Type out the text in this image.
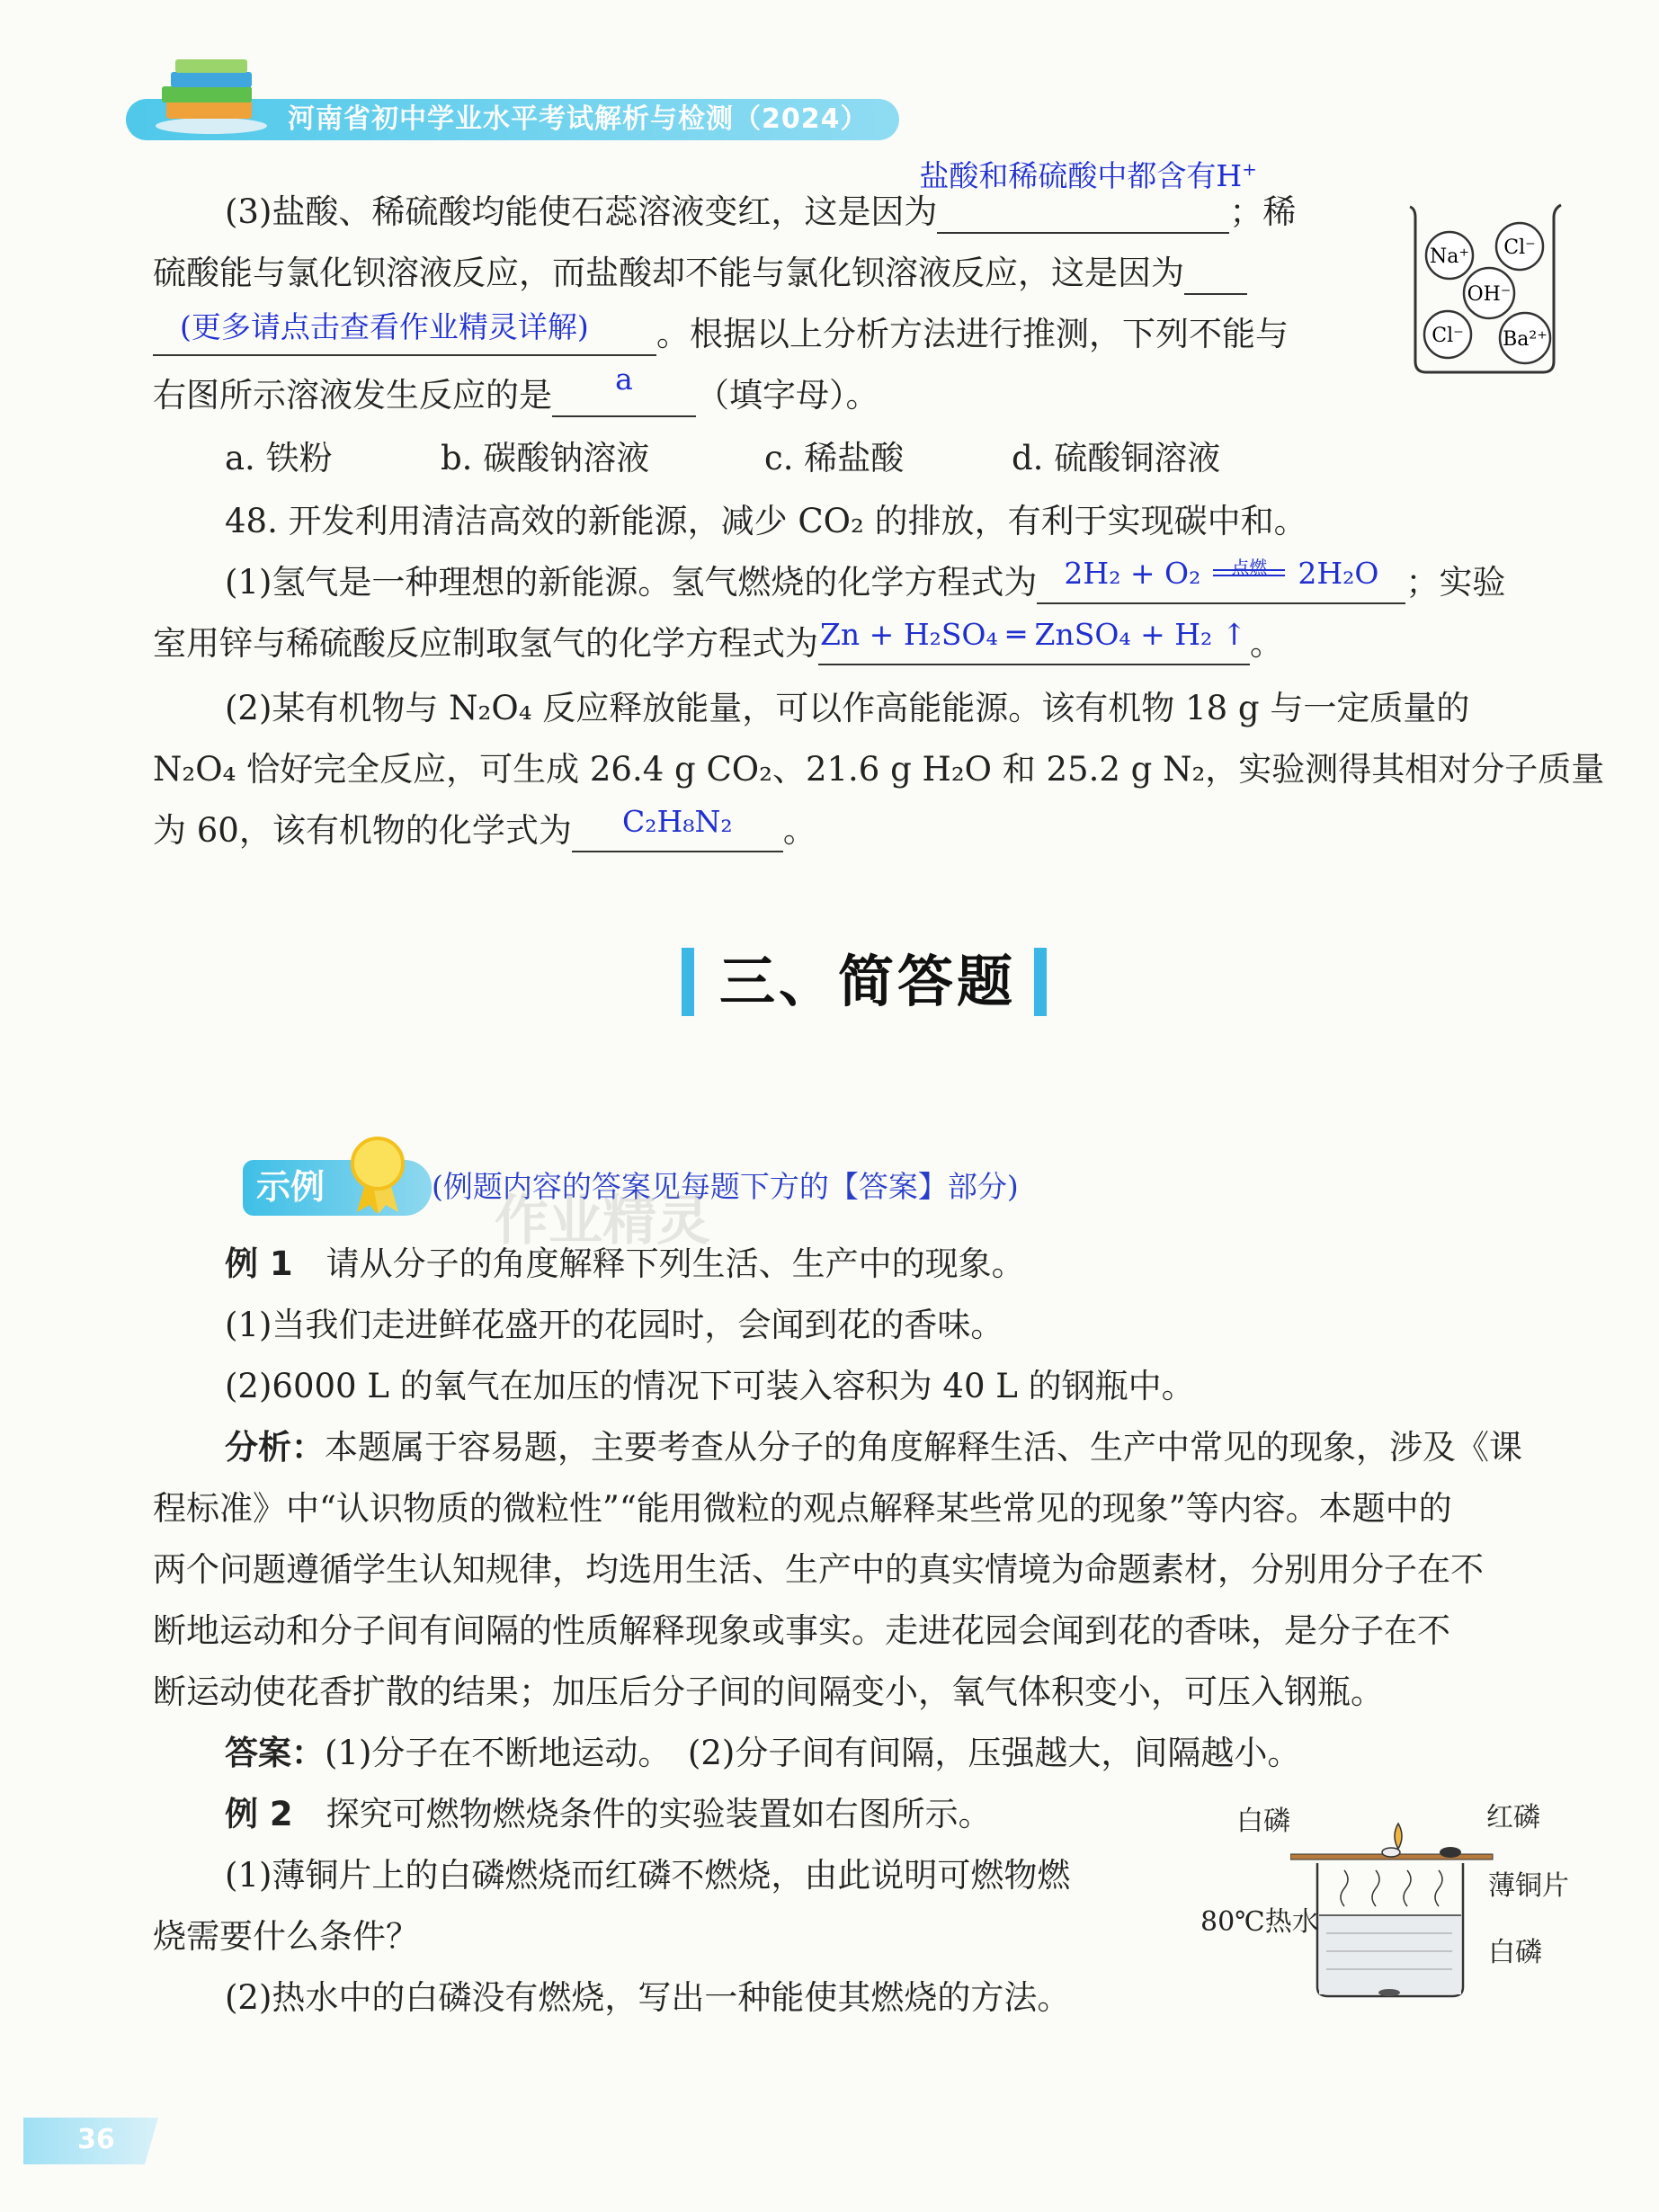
河南省初中学业水平考试解析与检测（2024）
(3)盐酸、稀硫酸均能使石蕊溶液变红，这是因为
盐酸和稀硫酸中都含有H+
；稀
硫酸能与氯化钡溶液反应，而盐酸却不能与氯化钡溶液反应，这是因为
(更多请点击查看作业精灵详解)	。根据以上分析方法进行推测，下列不能与
右图所示溶液发生反应的是	a	（填字母）。
a. 铁粉	b. 碳酸钠溶液	c. 稀盐酸	d. 硫酸铜溶液
Na⁺ Cl⁻
OH⁻
Cl⁻ Ba²⁺
48. 开发利用清洁高效的新能源，减少 CO₂ 的排放，有利于实现碳中和。
(1)氢气是一种理想的新能源。氢气燃烧的化学方程式为 2H₂ + O₂	点燃	2H₂O ；实验
室用锌与稀硫酸反应制取氢气的化学方程式为 Zn + H₂SO₄ ═ ZnSO₄ + H₂ ↑ 。
(2)某有机物与 N₂O₄ 反应释放能量，可以作高能能源。该有机物 18 g 与一定质量的
N₂O₄ 恰好完全反应，可生成 26.4 g CO₂、21.6 g H₂O 和 25.2 g N₂，实验测得其相对分子质量
为 60，该有机物的化学式为	C₂H₈N₂	。
三、简答题
示例	(例题内容的答案见每题下方的【答案】部分)
例 1　 请从分子的角度解释下列生活、生产中的现象。
(1)当我们走进鲜花盛开的花园时，会闻到花的香味。
(2)6000 L 的氧气在加压的情况下可装入容积为 40 L 的钢瓶中。
分析：本题属于容易题，主要考查从分子的角度解释生活、生产中常见的现象，涉及《课
程标准》中“认识物质的微粒性”“能用微粒的观点解释某些常见的现象”等内容。本题中的
两个问题遵循学生认知规律，均选用生活、生产中的真实情境为命题素材，分别用分子在不
断地运动和分子间有间隔的性质解释现象或事实。走进花园会闻到花的香味，是分子在不
断运动使花香扩散的结果；加压后分子间的间隔变小，氧气体积变小，可压入钢瓶。
答案：(1)分子在不断地运动。　(2)分子间有间隔，压强越大，间隔越小。
例 2　 探究可燃物燃烧条件的实验装置如右图所示。
(1)薄铜片上的白磷燃烧而红磷不燃烧，由此说明可燃物燃
烧需要什么条件？
(2)热水中的白磷没有燃烧，写出一种能使其燃烧的方法。
白磷	红磷
薄铜片
80℃热水
白磷
作业精灵
36
